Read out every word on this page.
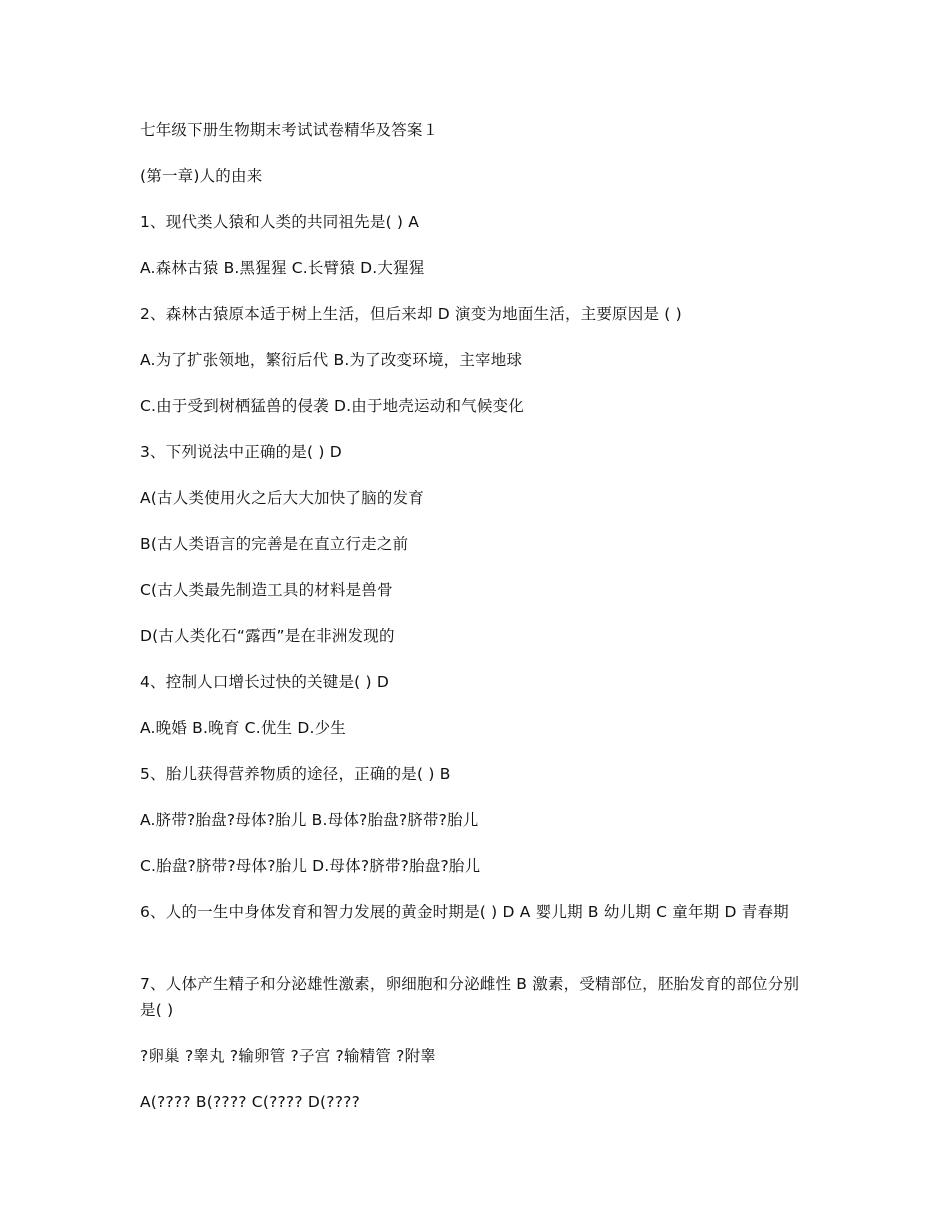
七年级下册生物期末考试试卷精华及答案１
(第一章)人的由来
1、现代类人猿和人类的共同祖先是( ) A
A.森林古猿 B.黑猩猩 C.长臂猿 D.大猩猩
2、森林古猿原本适于树上生活，但后来却 D 演变为地面生活，主要原因是 ( )
A.为了扩张领地，繁衍后代 B.为了改变环境，主宰地球
C.由于受到树栖猛兽的侵袭 D.由于地壳运动和气候变化
3、下列说法中正确的是( ) D
A(古人类使用火之后大大加快了脑的发育
B(古人类语言的完善是在直立行走之前
C(古人类最先制造工具的材料是兽骨
D(古人类化石“露西”是在非洲发现的
4、控制人口增长过快的关键是( ) D
A.晚婚 B.晚育 C.优生 D.少生
5、胎儿获得营养物质的途径，正确的是( ) B
A.脐带?胎盘?母体?胎儿 B.母体?胎盘?脐带?胎儿
C.胎盘?脐带?母体?胎儿 D.母体?脐带?胎盘?胎儿
6、人的一生中身体发育和智力发展的黄金时期是( ) D A 婴儿期 B 幼儿期 C 童年期 D 青春期
7、人体产生精子和分泌雄性激素，卵细胞和分泌雌性 B 激素，受精部位，胚胎发育的部位分别是( )
?卵巢 ?睾丸 ?输卵管 ?子宫 ?输精管 ?附睾
A(???? B(???? C(???? D(????
